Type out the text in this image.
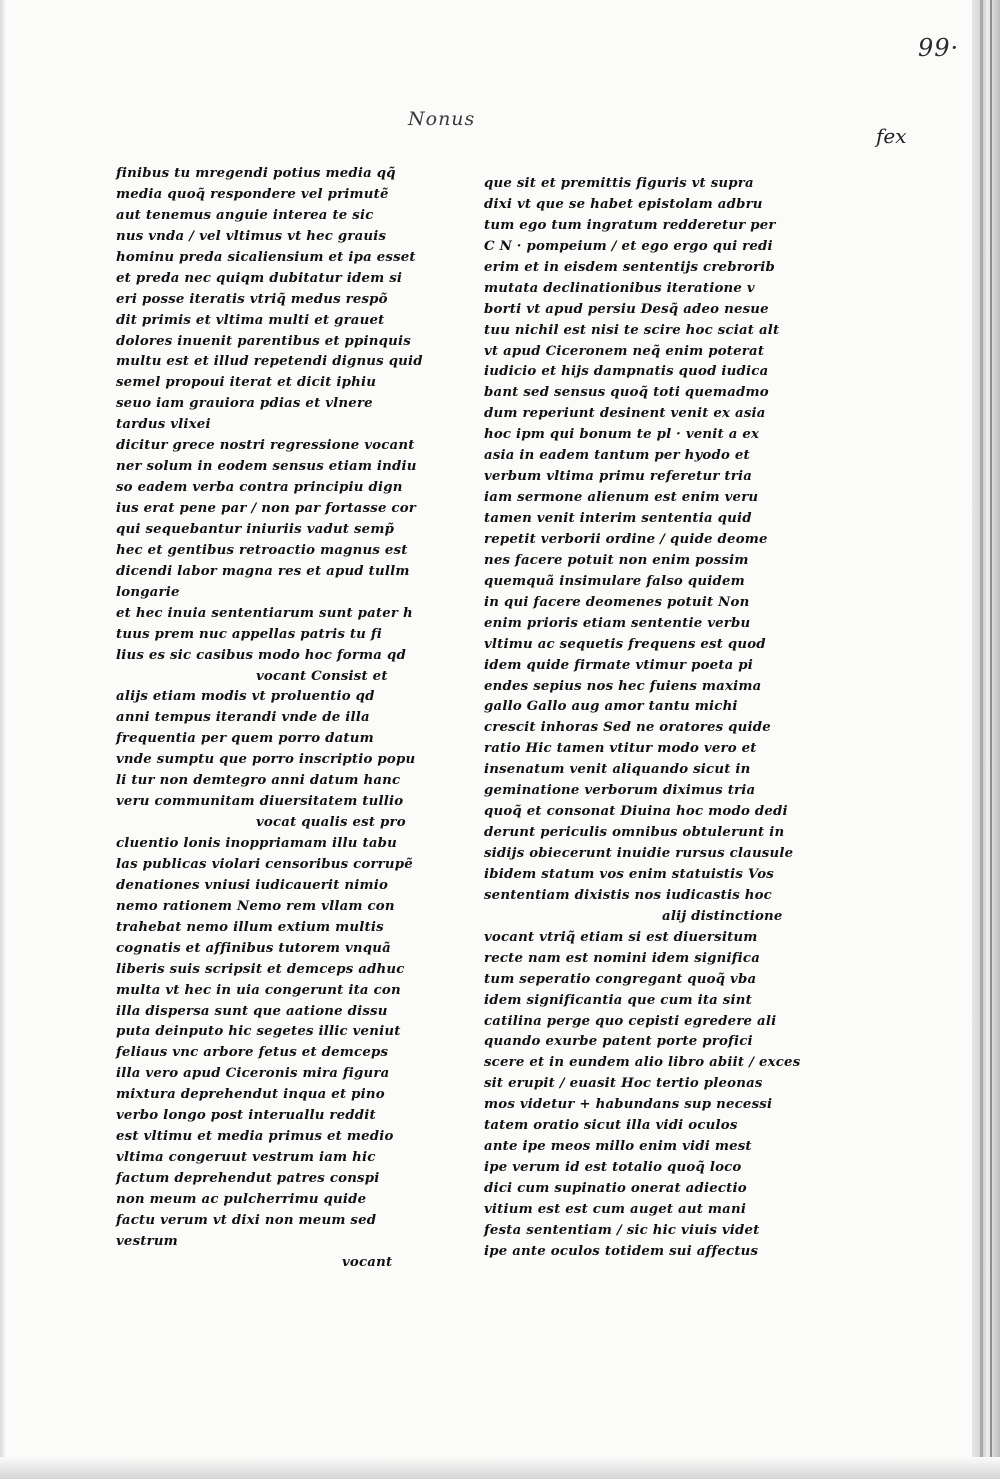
99·
Nonus
fex
finibus tu mregendi potius media qq̃
media quoq̃ respondere vel primutẽ
aut tenemus anguie interea te sic
nus vnda / vel vltimus vt hec grauis
hominu preda sicaliensium et ipa esset
et preda nec quiqm dubitatur idem si
eri posse iteratis vtriq̃ medus respõ
dit primis et vltima multi et grauet
dolores inuenit parentibus et ppinquis
multu est et illud repetendi dignus quid
semel propoui iterat et dicit iphiu
seuo iam grauiora pdias et vlnere
tardus vlixei
dicitur grece nostri regressione vocant
ner solum in eodem sensus etiam indiu
so eadem verba contra principiu dign
ius erat pene par / non par fortasse cor
qui sequebantur iniuriis vadut semp̃
hec et gentibus retroactio magnus est
dicendi labor magna res et apud tullm
longarie
et hec inuia sententiarum sunt pater h
tuus prem nuc appellas patris tu fi
lius es sic casibus modo hoc forma qd
vocant Consist et
alijs etiam modis vt proluentio qd
anni tempus iterandi vnde de illa
frequentia per quem porro datum
vnde sumptu que porro inscriptio popu
li tur non demtegro anni datum hanc
veru communitam diuersitatem tullio
vocat qualis est pro
cluentio lonis inoppriamam illu tabu
las publicas violari censoribus corrupẽ
denationes vniusi iudicauerit nimio
nemo rationem Nemo rem vllam con
trahebat nemo illum extium multis
cognatis et affinibus tutorem vnquã
liberis suis scripsit et demceps adhuc
multa vt hec in uia congerunt ita con
illa dispersa sunt que aatione dissu
puta deinputo hic segetes illic veniut
feliaus vnc arbore fetus et demceps
illa vero apud Ciceronis mira figura
mixtura deprehendut inqua et pino
verbo longo post interuallu reddit
est vltimu et media primus et medio
vltima congeruut vestrum iam hic
factum deprehendut patres conspi
non meum ac pulcherrimu quide
factu verum vt dixi non meum sed
vestrum
vocant
que sit et premittis figuris vt supra
dixi vt que se habet epistolam adbru
tum ego tum ingratum redderetur per
C N · pompeium / et ego ergo qui redi
erim et in eisdem sententijs crebrorib
mutata declinationibus iteratione v
borti vt apud persiu Desq̃ adeo nesue
tuu nichil est nisi te scire hoc sciat alt
vt apud Ciceronem neq̃ enim poterat
iudicio et hijs dampnatis quod iudica
bant sed sensus quoq̃ toti quemadmo
dum reperiunt desinent venit ex asia
hoc ipm qui bonum te pl · venit a ex
asia in eadem tantum per hyodo et
verbum vltima primu referetur tria
iam sermone alienum est enim veru
tamen venit interim sententia quid
repetit verborii ordine / quide deome
nes facere potuit non enim possim
quemquã insimulare falso quidem
in qui facere deomenes potuit Non
enim prioris etiam sententie verbu
vltimu ac sequetis frequens est quod
idem quide firmate vtimur poeta pi
endes sepius nos hec fuiens maxima
gallo Gallo aug amor tantu michi
crescit inhoras Sed ne oratores quide
ratio Hic tamen vtitur modo vero et
insenatum venit aliquando sicut in
geminatione verborum diximus tria
quoq̃ et consonat Diuina hoc modo dedi
derunt periculis omnibus obtulerunt in
sidijs obiecerunt inuidie rursus clausule
ibidem statum vos enim statuistis Vos
sententiam dixistis nos iudicastis hoc
alij distinctione
vocant vtriq̃ etiam si est diuersitum
recte nam est nomini idem significa
tum seperatio congregant quoq̃ vba
idem significantia que cum ita sint
catilina perge quo cepisti egredere ali
quando exurbe patent porte profici
scere et in eundem alio libro abiit / exces
sit erupit / euasit Hoc tertio pleonas
mos videtur + habundans sup necessi
tatem oratio sicut illa vidi oculos
ante ipe meos millo enim vidi mest
ipe verum id est totalio quoq̃ loco
dici cum supinatio onerat adiectio
vitium est est cum auget aut mani
festa sententiam / sic hic viuis videt
ipe ante oculos totidem sui affectus
